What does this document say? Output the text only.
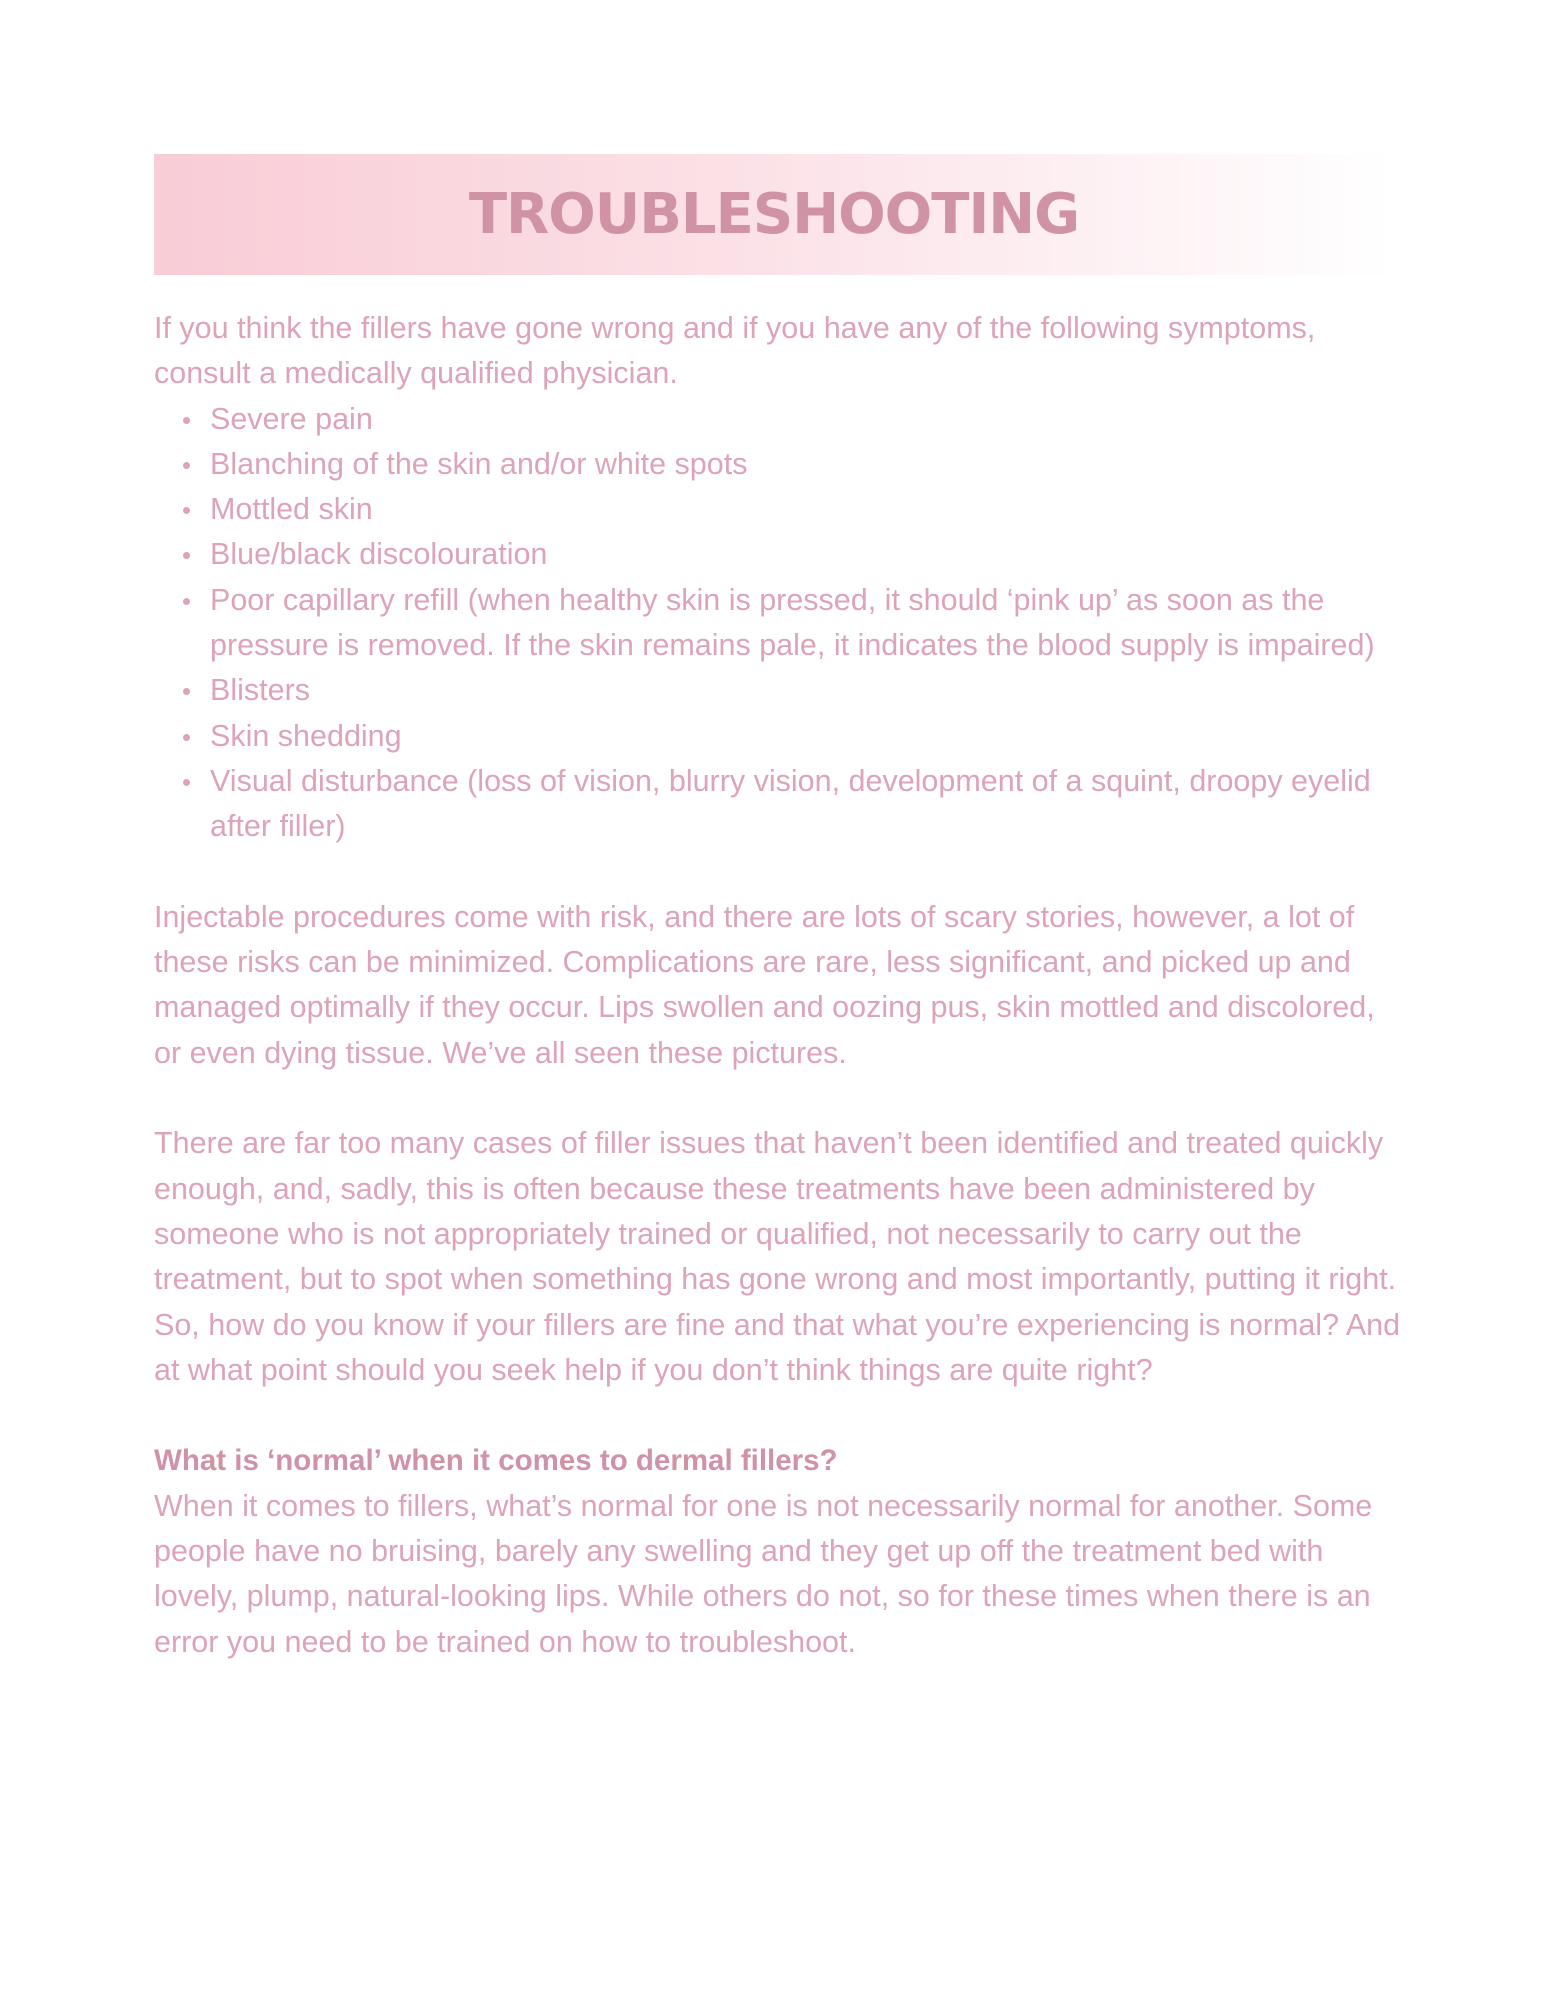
TROUBLESHOOTING

If you think the fillers have gone wrong and if you have any of the following symptoms, consult a medically qualified physician.

Severe pain
Blanching of the skin and/or white spots
Mottled skin
Blue/black discolouration
Poor capillary refill (when healthy skin is pressed, it should ‘pink up’ as soon as the pressure is removed. If the skin remains pale, it indicates the blood supply is impaired)
Blisters
Skin shedding
Visual disturbance (loss of vision, blurry vision, development of a squint, droopy eyelid after filler)

Injectable procedures come with risk, and there are lots of scary stories, however, a lot of these risks can be minimized. Complications are rare, less significant, and picked up and managed optimally if they occur. Lips swollen and oozing pus, skin mottled and discolored, or even dying tissue. We’ve all seen these pictures.

There are far too many cases of filler issues that haven’t been identified and treated quickly enough, and, sadly, this is often because these treatments have been administered by someone who is not appropriately trained or qualified, not necessarily to carry out the treatment, but to spot when something has gone wrong and most importantly, putting it right. So, how do you know if your fillers are fine and that what you’re experiencing is normal? And at what point should you seek help if you don’t think things are quite right?

What is ‘normal’ when it comes to dermal fillers?

When it comes to fillers, what’s normal for one is not necessarily normal for another. Some people have no bruising, barely any swelling and they get up off the treatment bed with lovely, plump, natural-looking lips. While others do not, so for these times when there is an error you need to be trained on how to troubleshoot.
